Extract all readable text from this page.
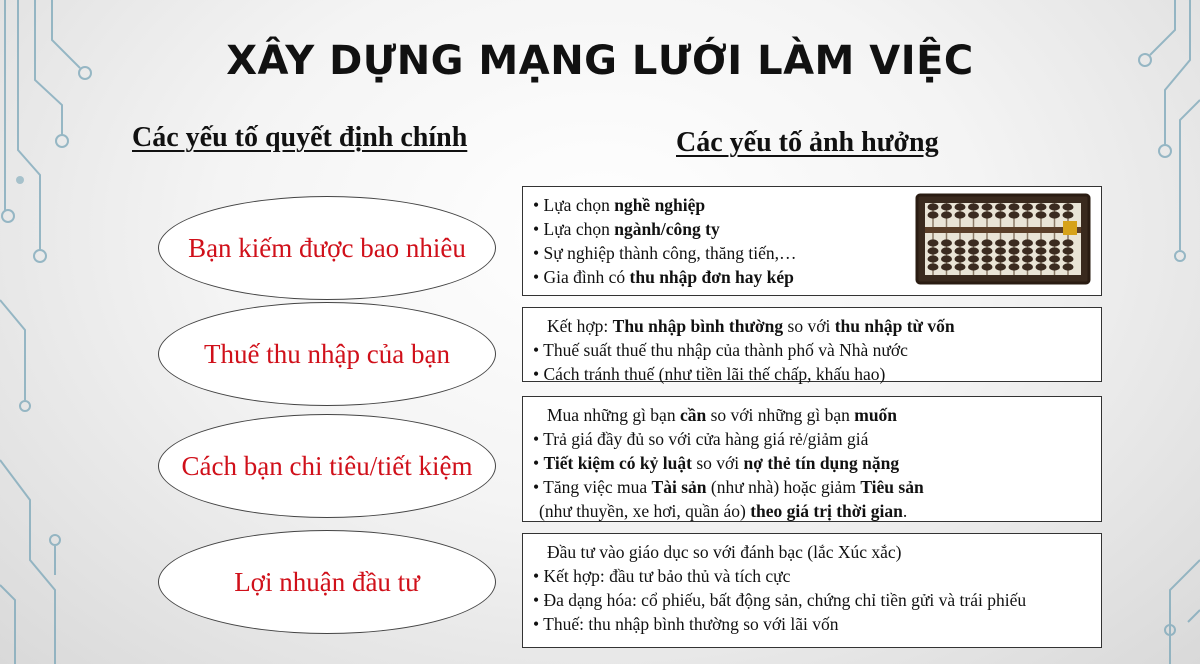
XÂY DỰNG MẠNG LƯỚI LÀM VIỆC
Các yếu tố quyết định chính	Các yếu tố ảnh hưởng
Bạn kiếm được bao nhiêu
Thuế thu nhập của bạn
Cách bạn chi tiêu/tiết kiệm
Lợi nhuận đầu tư
• Lựa chọn nghề nghiệp
• Lựa chọn ngành/công ty
• Sự nghiệp thành công, thăng tiến,…
• Gia đình có thu nhập đơn hay kép
Kết hợp: Thu nhập bình thường so với thu nhập từ vốn
• Thuế suất thuế thu nhập của thành phố và Nhà nước
• Cách tránh thuế (như tiền lãi thế chấp, khấu hao)
Mua những gì bạn cần so với những gì bạn muốn
• Trả giá đầy đủ so với cửa hàng giá rẻ/giảm giá
• Tiết kiệm có kỷ luật so với nợ thẻ tín dụng nặng
• Tăng việc mua Tài sản (như nhà) hoặc giảm Tiêu sản
(như thuyền, xe hơi, quần áo) theo giá trị thời gian.
Đầu tư vào giáo dục so với đánh bạc (lắc Xúc xắc)
• Kết hợp: đầu tư bảo thủ và tích cực
• Đa dạng hóa: cổ phiếu, bất động sản, chứng chỉ tiền gửi và trái phiếu
• Thuế: thu nhập bình thường so với lãi vốn
